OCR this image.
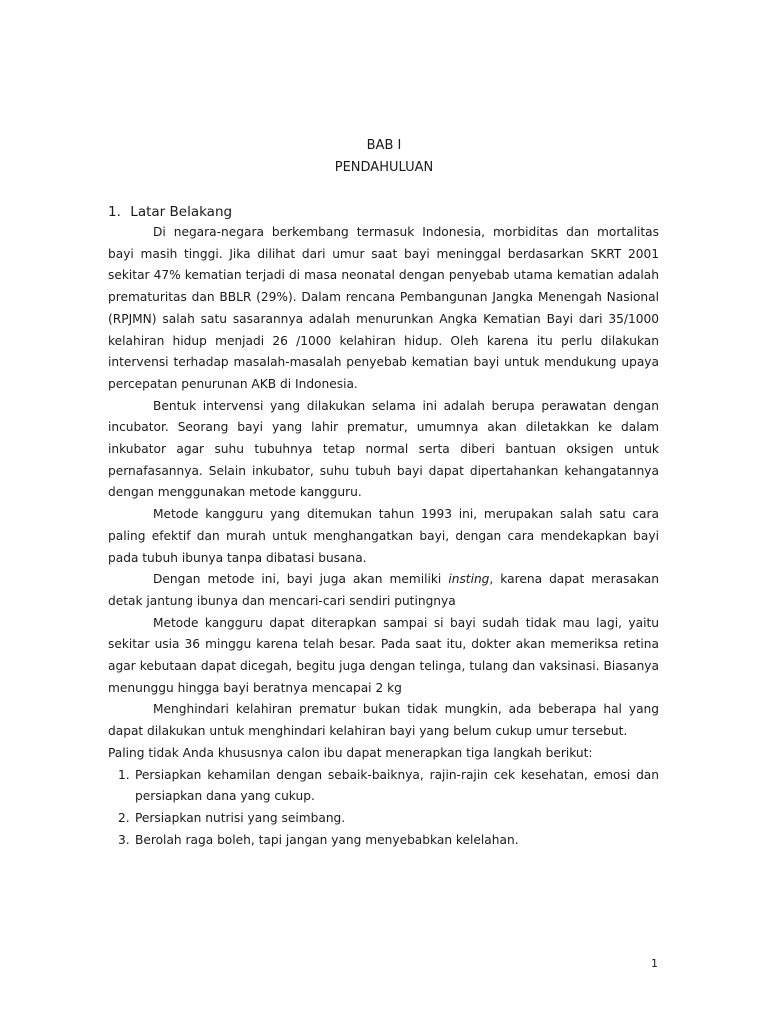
BAB I
PENDAHULUAN
1. Latar Belakang

Di negara-negara berkembang termasuk Indonesia, morbiditas dan mortalitas bayi masih tinggi. Jika dilihat dari umur saat bayi meninggal berdasarkan SKRT 2001 sekitar 47% kematian terjadi di masa neonatal dengan penyebab utama kematian adalah prematuritas dan BBLR (29%). Dalam rencana Pembangunan Jangka Menengah Nasional (RPJMN) salah satu sasarannya adalah menurunkan Angka Kematian Bayi dari 35/1000 kelahiran hidup menjadi 26 /1000 kelahiran hidup. Oleh karena itu perlu dilakukan intervensi terhadap masalah-masalah penyebab kematian bayi untuk mendukung upaya percepatan penurunan AKB di Indonesia.

Bentuk intervensi yang dilakukan selama ini adalah berupa perawatan dengan incubator. Seorang bayi yang lahir prematur, umumnya akan diletakkan ke dalam inkubator agar suhu tubuhnya tetap normal serta diberi bantuan oksigen untuk pernafasannya. Selain inkubator, suhu tubuh bayi dapat dipertahankan kehangatannya dengan menggunakan metode kangguru.

Metode kangguru yang ditemukan tahun 1993 ini, merupakan salah satu cara paling efektif dan murah untuk menghangatkan bayi, dengan cara mendekapkan bayi pada tubuh ibunya tanpa dibatasi busana.

Dengan metode ini, bayi juga akan memiliki insting, karena dapat merasakan detak jantung ibunya dan mencari-cari sendiri putingnya

Metode kangguru dapat diterapkan sampai si bayi sudah tidak mau lagi, yaitu sekitar usia 36 minggu karena telah besar. Pada saat itu, dokter akan memeriksa retina agar kebutaan dapat dicegah, begitu juga dengan telinga, tulang dan vaksinasi. Biasanya menunggu hingga bayi beratnya mencapai 2 kg

Menghindari kelahiran prematur bukan tidak mungkin, ada beberapa hal yang dapat dilakukan untuk menghindari kelahiran bayi yang belum cukup umur tersebut.

Paling tidak Anda khususnya calon ibu dapat menerapkan tiga langkah berikut:

1. Persiapkan kehamilan dengan sebaik-baiknya, rajin-rajin cek kesehatan, emosi dan persiapkan dana yang cukup.
2. Persiapkan nutrisi yang seimbang.
3. Berolah raga boleh, tapi jangan yang menyebabkan kelelahan.
1
